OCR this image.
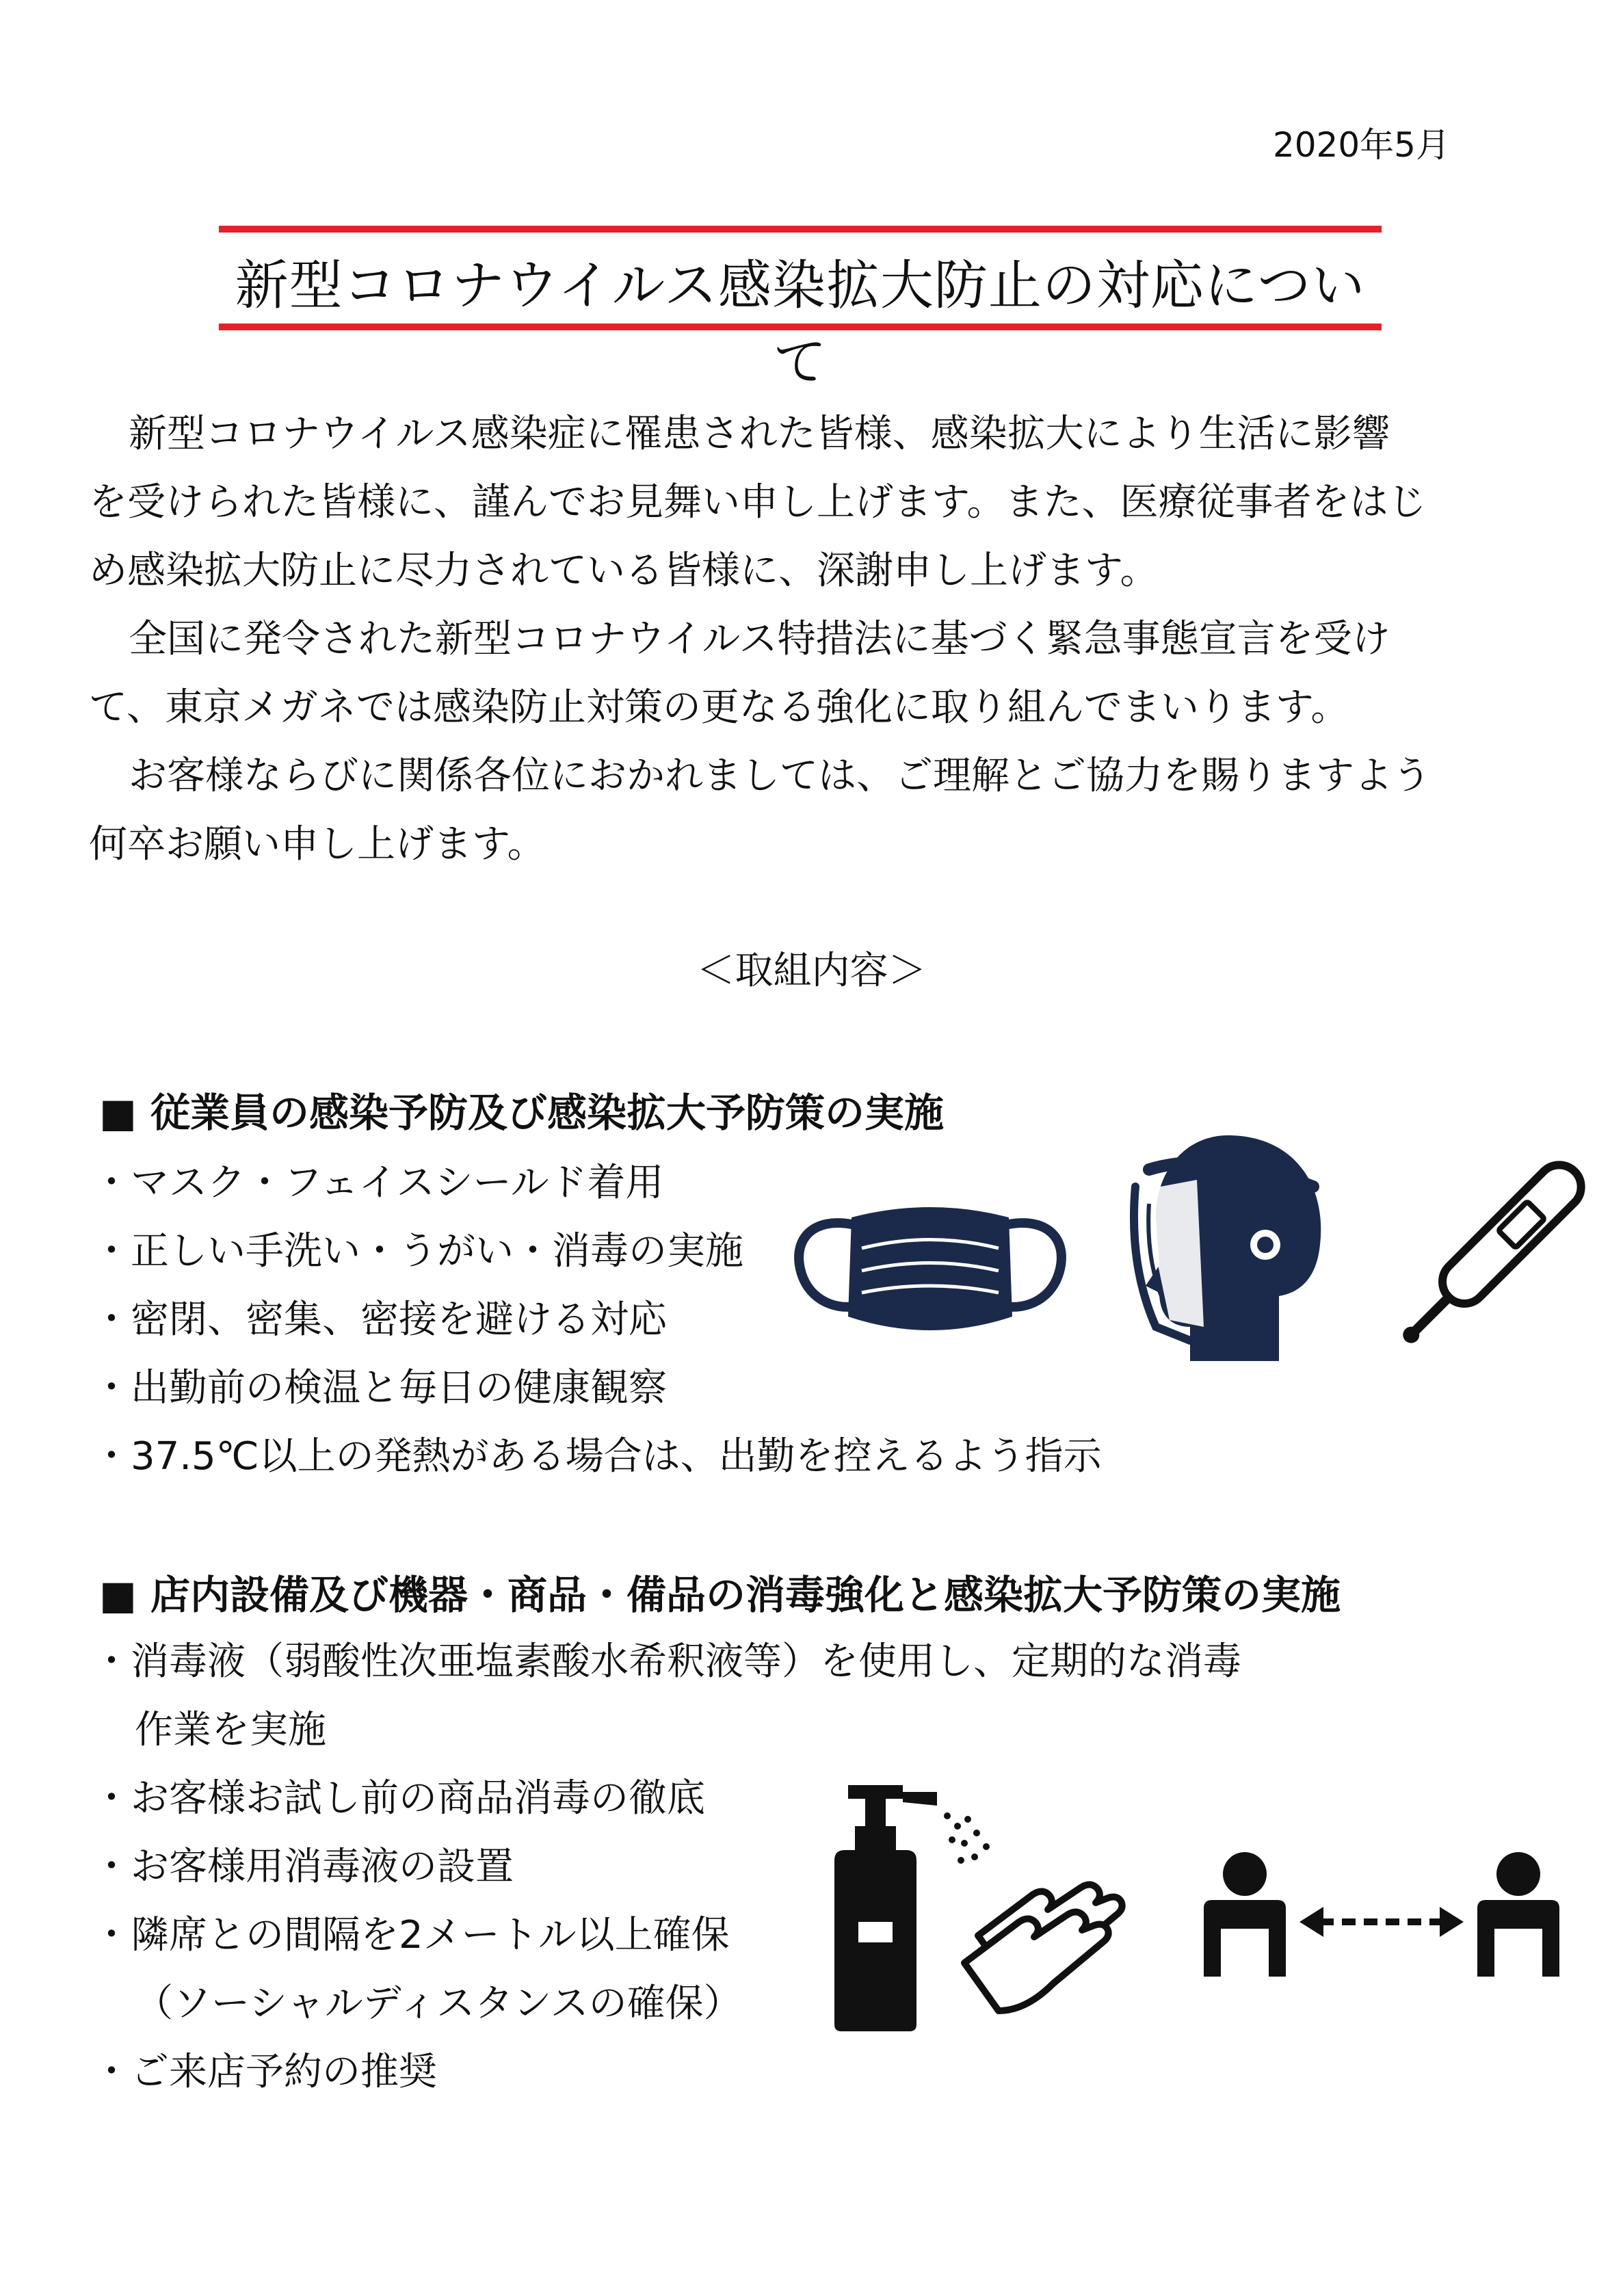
2020年5月
新型コロナウイルス感染拡大防止の対応について

新型コロナウイルス感染症に罹患された皆様、感染拡大により生活に影響

を受けられた皆様に、謹んでお見舞い申し上げます。また、医療従事者をはじ

め感染拡大防止に尽力されている皆様に、深謝申し上げます。

全国に発令された新型コロナウイルス特措法に基づく緊急事態宣言を受け

て、東京メガネでは感染防止対策の更なる強化に取り組んでまいります。

お客様ならびに関係各位におかれましては、ご理解とご協力を賜りますよう

何卒お願い申し上げます。

＜取組内容＞
■ 従業員の感染予防及び感染拡大予防策の実施
・マスク・フェイスシールド着用
・正しい手洗い・うがい・消毒の実施
・密閉、密集、密接を避ける対応
・出勤前の検温と毎日の健康観察
・37.5℃以上の発熱がある場合は、出勤を控えるよう指示
■ 店内設備及び機器・商品・備品の消毒強化と感染拡大予防策の実施
・消毒液（弱酸性次亜塩素酸水希釈液等）を使用し、定期的な消毒
作業を実施
・お客様お試し前の商品消毒の徹底
・お客様用消毒液の設置
・隣席との間隔を2メートル以上確保
（ソーシャルディスタンスの確保）
・ご来店予約の推奨
